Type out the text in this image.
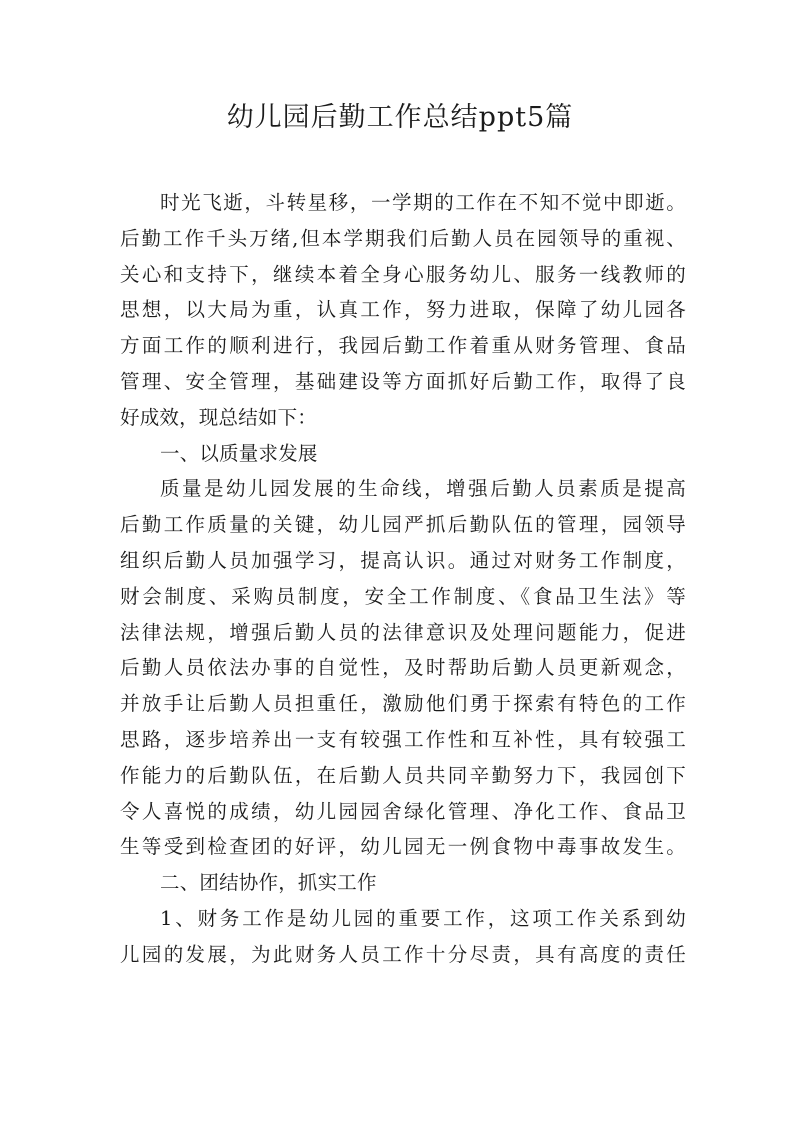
幼儿园后勤工作总结ppt5篇
时光飞逝，斗转星移，一学期的工作在不知不觉中即逝。
后勤工作千头万绪,但本学期我们后勤人员在园领导的重视、
关心和支持下，继续本着全身心服务幼儿、服务一线教师的
思想，以大局为重，认真工作，努力进取，保障了幼儿园各
方面工作的顺利进行，我园后勤工作着重从财务管理、食品
管理、安全管理，基础建设等方面抓好后勤工作，取得了良
好成效，现总结如下：
一、以质量求发展
质量是幼儿园发展的生命线，增强后勤人员素质是提高
后勤工作质量的关键，幼儿园严抓后勤队伍的管理，园领导
组织后勤人员加强学习，提高认识。通过对财务工作制度，
财会制度、采购员制度，安全工作制度、《食品卫生法》等
法律法规，增强后勤人员的法律意识及处理问题能力，促进
后勤人员依法办事的自觉性，及时帮助后勤人员更新观念，
并放手让后勤人员担重任，激励他们勇于探索有特色的工作
思路，逐步培养出一支有较强工作性和互补性，具有较强工
作能力的后勤队伍，在后勤人员共同辛勤努力下，我园创下
令人喜悦的成绩，幼儿园园舍绿化管理、净化工作、食品卫
生等受到检查团的好评，幼儿园无一例食物中毒事故发生。
二、团结协作，抓实工作
1、财务工作是幼儿园的重要工作，这项工作关系到幼
儿园的发展，为此财务人员工作十分尽责，具有高度的责任
